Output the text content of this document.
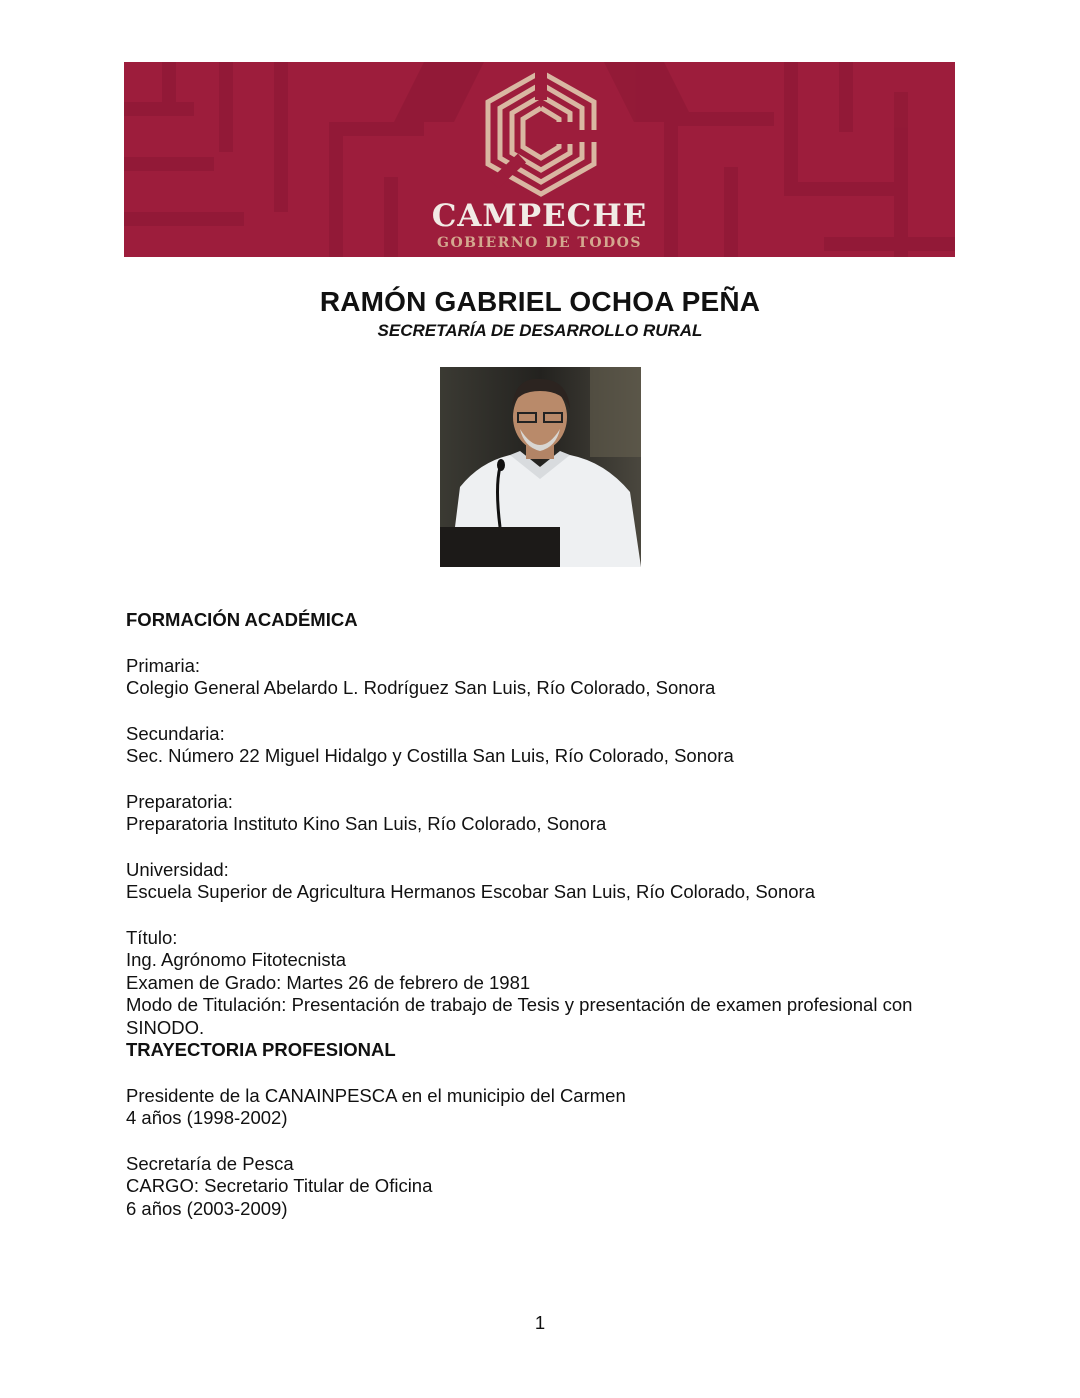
CAMPECHE
GOBIERNO DE TODOS
RAMÓN GABRIEL OCHOA PEÑA
SECRETARÍA DE DESARROLLO RURAL
FORMACIÓN ACADÉMICA

Primaria:

Colegio General Abelardo L. Rodríguez San Luis, Río Colorado, Sonora

Secundaria:

Sec. Número 22 Miguel Hidalgo y Costilla San Luis, Río Colorado, Sonora

Preparatoria:

Preparatoria Instituto Kino San Luis, Río Colorado, Sonora

Universidad:

Escuela Superior de Agricultura Hermanos Escobar San Luis, Río Colorado, Sonora

Título:

Ing. Agrónomo Fitotecnista

Examen de Grado: Martes 26 de febrero de 1981

Modo de Titulación: Presentación de trabajo de Tesis y presentación de examen profesional con SINODO.

TRAYECTORIA PROFESIONAL

Presidente de la CANAINPESCA en el municipio del Carmen

4 años (1998-2002)

Secretaría de Pesca

CARGO: Secretario Titular de Oficina

6 años (2003-2009)

1
